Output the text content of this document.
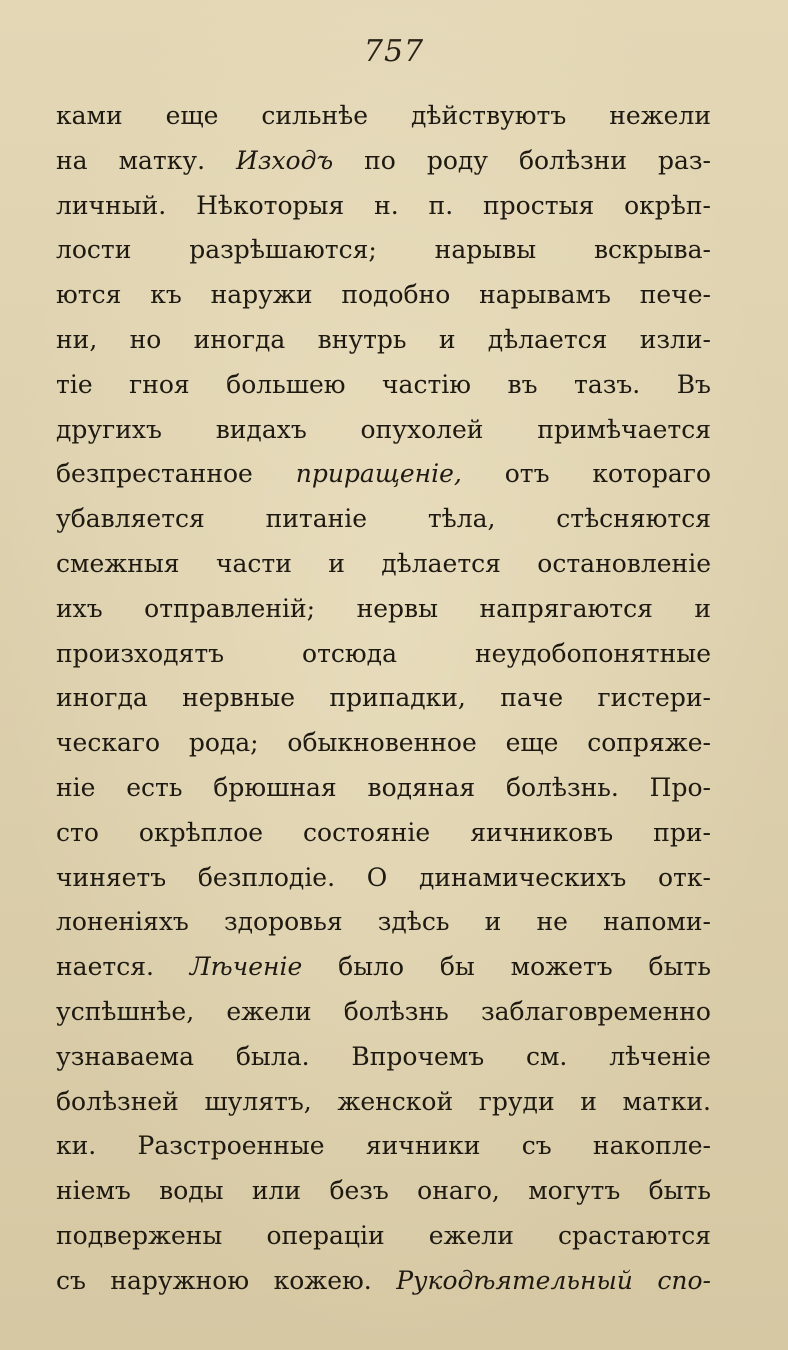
757
ками еще сильнѣе дѣйствуютъ нежели
на матку. Изходъ по роду болѣзни раз-
личный. Нѣкоторыя н. п. простыя окрѣп-
лости разрѣшаются; нарывы вскрыва-
ются къ наружи подобно нарывамъ пече-
ни, но иногда внутрь и дѣлается изли-
тіе гноя большею частію въ тазъ. Въ
другихъ видахъ опухолей примѣчается
безпрестанное приращеніе, отъ котораго
убавляется питаніе тѣла, стѣсняются
смежныя части и дѣлается остановленіе
ихъ отправленій; нервы напрягаются и
произходятъ	отсюда	неудобопонятные
иногда нервные припадки, паче гистери-
ческаго рода; обыкновенное еще сопряже-
ніе есть брюшная водяная болѣзнь. Про-
сто окрѣплое состояніе яичниковъ при-
чиняетъ безплодіе. О динамическихъ отк-
лоненіяхъ здоровья здѣсь и не напоми-
нается. Лѣченіе было бы можетъ быть
успѣшнѣе, ежели болѣзнь заблаговременно
узнаваема была. Впрочемъ см. лѣченіе
болѣзней шулятъ, женской груди и матки.
ки. Разстроенные яичники съ накопле-
ніемъ воды или безъ онаго, могутъ быть
подвержены операціи ежели срастаются
съ наружною кожею. Рукодѣятельный спо-
